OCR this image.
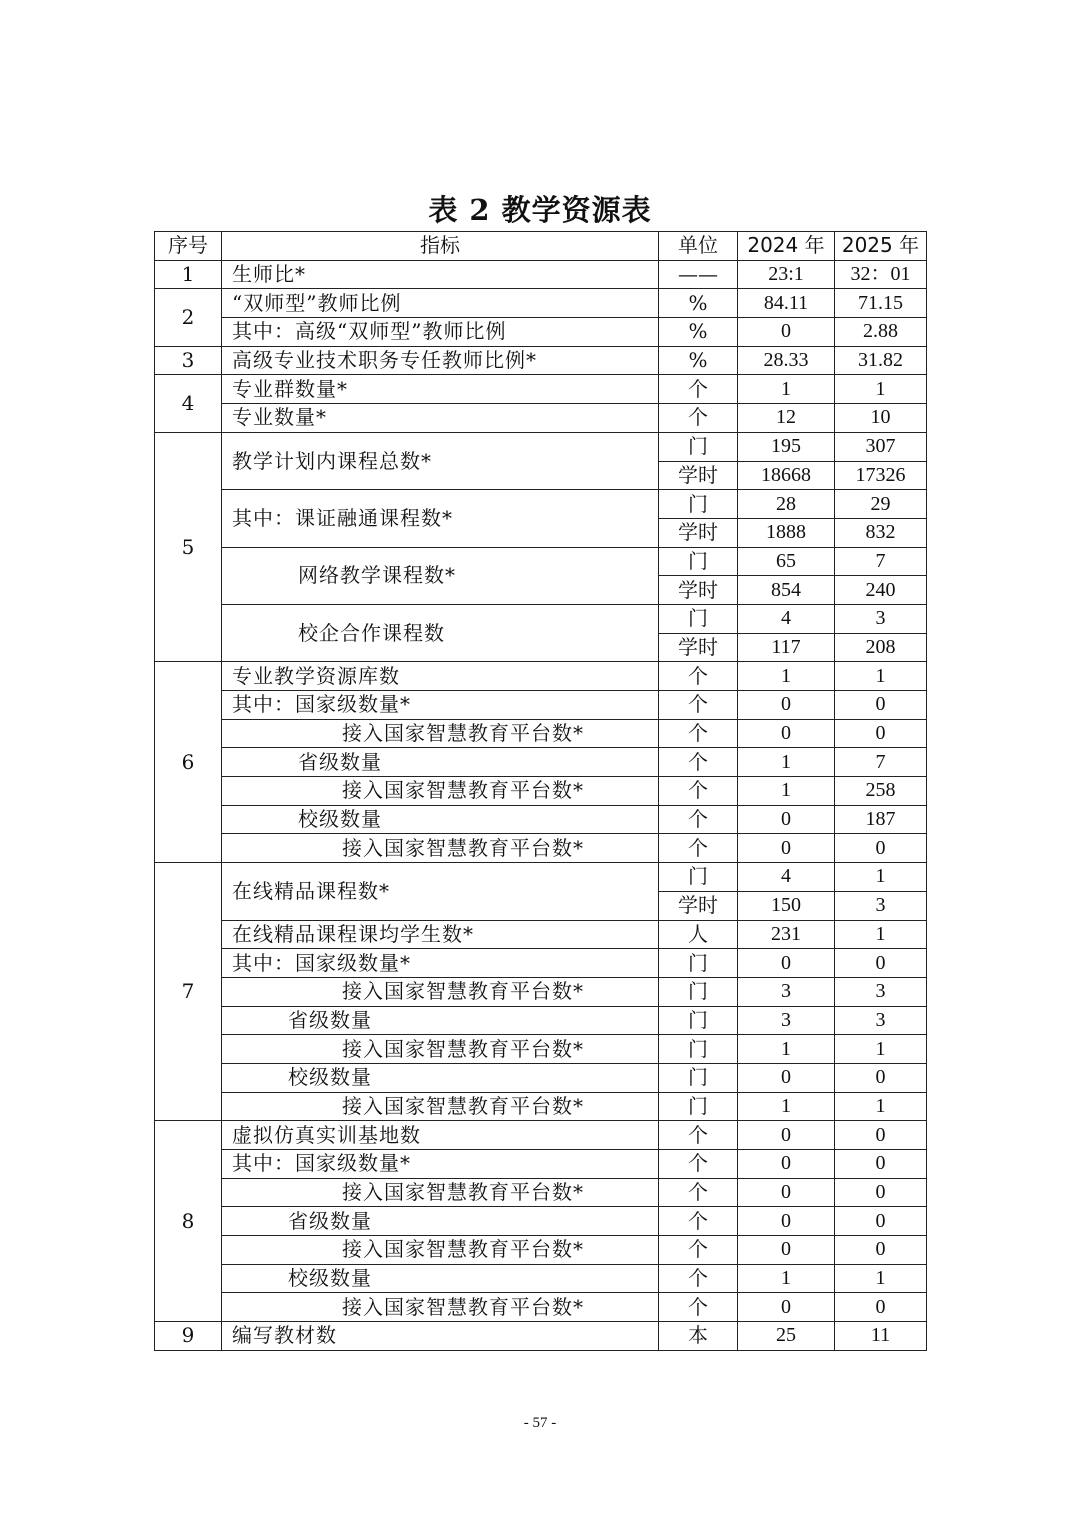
表 2 教学资源表
序号	指标	单位	2024 年	2025 年
1	生师比*	——	23:1	32：01
2	“双师型”教师比例	%	84.11	71.15
	其中：高级“双师型”教师比例	%	0	2.88
3	高级专业技术职务专任教师比例*	%	28.33	31.82
4	专业群数量*	个	1	1
	专业数量*	个	12	10
5	教学计划内课程总数*	门	195	307
		学时	18668	17326
	其中：课证融通课程数*	门	28	29
		学时	1888	832
	网络教学课程数*	门	65	7
		学时	854	240
	校企合作课程数	门	4	3
		学时	117	208
6	专业教学资源库数	个	1	1
	其中：国家级数量*	个	0	0
	接入国家智慧教育平台数*	个	0	0
	省级数量	个	1	7
	接入国家智慧教育平台数*	个	1	258
	校级数量	个	0	187
	接入国家智慧教育平台数*	个	0	0
7	在线精品课程数*	门	4	1
		学时	150	3
	在线精品课程课均学生数*	人	231	1
	其中：国家级数量*	门	0	0
	接入国家智慧教育平台数*	门	3	3
	省级数量	门	3	3
	接入国家智慧教育平台数*	门	1	1
	校级数量	门	0	0
	接入国家智慧教育平台数*	门	1	1
8	虚拟仿真实训基地数	个	0	0
	其中：国家级数量*	个	0	0
	接入国家智慧教育平台数*	个	0	0
	省级数量	个	0	0
	接入国家智慧教育平台数*	个	0	0
	校级数量	个	1	1
	接入国家智慧教育平台数*	个	0	0
9	编写教材数	本	25	11
- 57 -
